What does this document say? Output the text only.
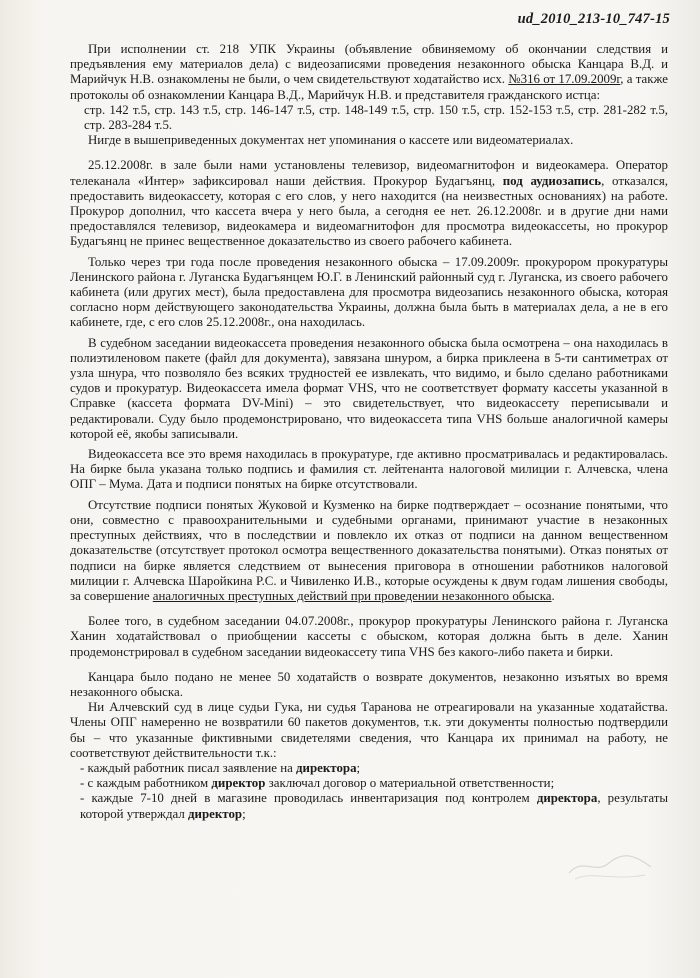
ud_2010_213-10_747-15

При исполнении ст. 218 УПК Украины (объявление обвиняемому об окончании следствия и предъявления ему материалов дела) с видеозаписями проведения незаконного обыска Канцара В.Д. и Марийчук Н.В. ознакомлены не были, о чем свидетельствуют ходатайство исх. №316 от 17.09.2009г, а также протоколы об ознакомлении Канцара В.Д., Марийчук Н.В. и представителя гражданского истца:

стр. 142 т.5, стр. 143 т.5, стр. 146-147 т.5, стр. 148-149 т.5, стр. 150 т.5, стр. 152-153 т.5, стр. 281-282 т.5, стр. 283-284 т.5.

Нигде в вышеприведенных документах нет упоминания о кассете или видеоматериалах.

25.12.2008г. в зале были нами установлены телевизор, видеомагнитофон и видеокамера. Оператор телеканала «Интер» зафиксировал наши действия. Прокурор Будагъянц, под аудиозапись, отказался, предоставить видеокассету, которая с его слов, у него находится (на неизвестных основаниях) на работе. Прокурор дополнил, что кассета вчера у него была, а сегодня ее нет. 26.12.2008г. и в другие дни нами предоставлялся телевизор, видеокамера и видеомагнитофон для просмотра видеокассеты, но прокурор Будагъянц не принес вещественное доказательство из своего рабочего кабинета.

Только через три года после проведения незаконного обыска – 17.09.2009г. прокурором прокуратуры Ленинского района г. Луганска Будагъянцем Ю.Г. в Ленинский районный суд г. Луганска, из своего рабочего кабинета (или других мест), была предоставлена для просмотра видеозапись незаконного обыска, которая согласно норм действующего законодательства Украины, должна была быть в материалах дела, а не в его кабинете, где, с его слов 25.12.2008г., она находилась.

В судебном заседании видеокассета проведения незаконного обыска была осмотрена – она находилась в полиэтиленовом пакете (файл для документа), завязана шнуром, а бирка приклеена в 5-ти сантиметрах от узла шнура, что позволяло без всяких трудностей ее извлекать, что видимо, и было сделано работниками судов и прокуратур. Видеокассета имела формат VHS, что не соответствует формату кассеты указанной в Справке (кассета формата DV-Mini) – это свидетельствует, что видеокассету переписывали и редактировали. Суду было продемонстрировано, что видеокассета типа VHS больше аналогичной камеры которой её, якобы записывали.

Видеокассета все это время находилась в прокуратуре, где активно просматривалась и редактировалась. На бирке была указана только подпись и фамилия ст. лейтенанта налоговой милиции г. Алчевска, члена ОПГ – Мума. Дата и подписи понятых на бирке отсутствовали.

Отсутствие подписи понятых Жуковой и Кузменко на бирке подтверждает – осознание понятыми, что они, совместно с правоохранительными и судебными органами, принимают участие в незаконных преступных действиях, что в последствии и повлекло их отказ от подписи на данном вещественном доказательстве (отсутствует протокол осмотра вещественного доказательства понятыми). Отказ понятых от подписи на бирке является следствием от вынесения приговора в отношении работников налоговой милиции г. Алчевска Шаройкина Р.С. и Чивиленко И.В., которые осуждены к двум годам лишения свободы, за совершение аналогичных преступных действий при проведении незаконного обыска.

Более того, в судебном заседании 04.07.2008г., прокурор прокуратуры Ленинского района г. Луганска Ханин ходатайствовал о приобщении кассеты с обыском, которая должна быть в деле. Ханин продемонстрировал в судебном заседании видеокассету типа VHS без какого-либо пакета и бирки.

Канцара было подано не менее 50 ходатайств о возврате документов, незаконно изъятых во время незаконного обыска.

Ни Алчевский суд в лице судьи Гука, ни судья Таранова не отреагировали на указанные ходатайства. Члены ОПГ намеренно не возвратили 60 пакетов документов, т.к. эти документы полностью подтвердили бы – что указанные фиктивными свидетелями сведения, что Канцара их принимал на работу, не соответствуют действительности т.к.:

- каждый работник писал заявление на директора;

- с каждым работником директор заключал договор о материальной ответственности;

- каждые 7-10 дней в магазине проводилась инвентаризация под контролем директора, результаты которой утверждал директор;
